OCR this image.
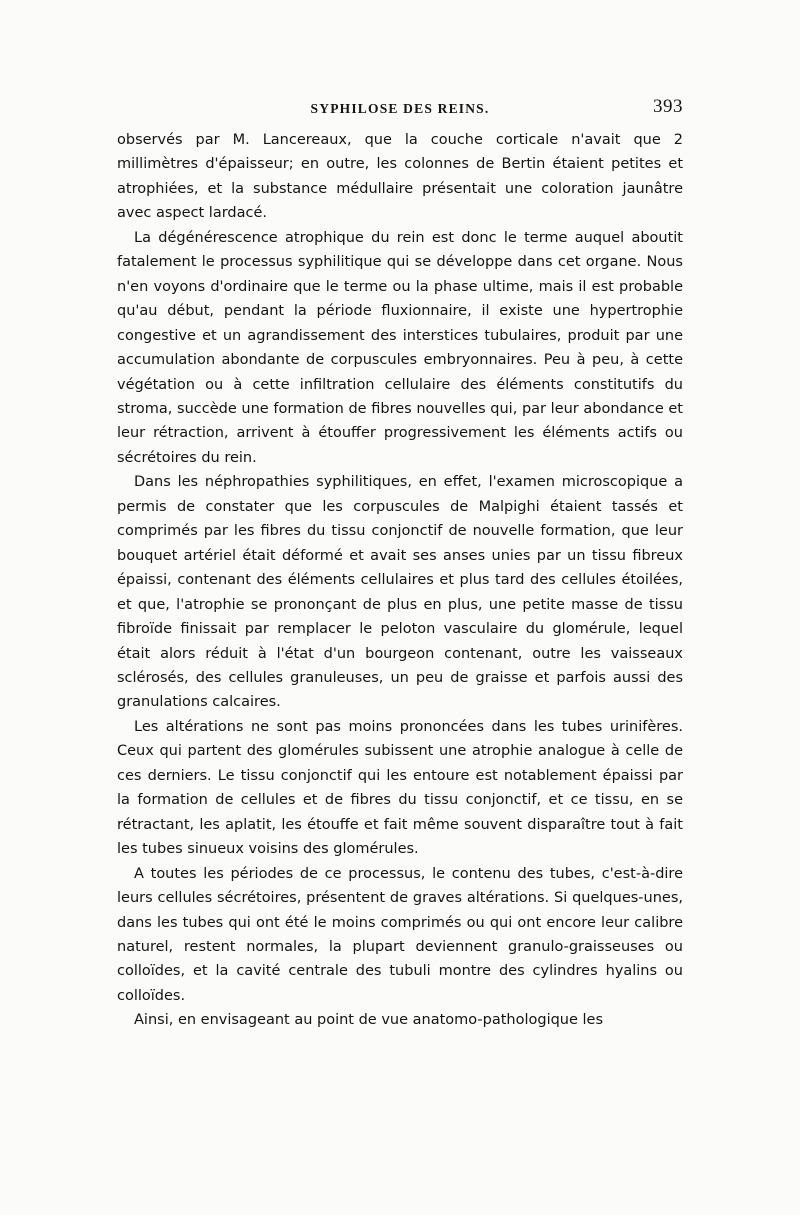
SYPHILOSE DES REINS.	393

observés par M. Lancereaux, que la couche corticale n'avait que 2 millimètres d'épaisseur; en outre, les colonnes de Bertin étaient petites et atrophiées, et la substance médullaire présentait une coloration jaunâtre avec aspect lardacé.

La dégénérescence atrophique du rein est donc le terme auquel aboutit fatalement le processus syphilitique qui se développe dans cet organe. Nous n'en voyons d'ordinaire que le terme ou la phase ultime, mais il est probable qu'au début, pendant la période fluxionnaire, il existe une hypertrophie congestive et un agrandissement des interstices tubulaires, produit par une accumulation abondante de corpuscules embryonnaires. Peu à peu, à cette végétation ou à cette infiltration cellulaire des éléments constitutifs du stroma, succède une formation de fibres nouvelles qui, par leur abondance et leur rétraction, arrivent à étouffer progressivement les éléments actifs ou sécrétoires du rein.

Dans les néphropathies syphilitiques, en effet, l'examen microscopique a permis de constater que les corpuscules de Malpighi étaient tassés et comprimés par les fibres du tissu conjonctif de nouvelle formation, que leur bouquet artériel était déformé et avait ses anses unies par un tissu fibreux épaissi, contenant des éléments cellulaires et plus tard des cellules étoilées, et que, l'atrophie se prononçant de plus en plus, une petite masse de tissu fibroïde finissait par remplacer le peloton vasculaire du glomérule, lequel était alors réduit à l'état d'un bourgeon contenant, outre les vaisseaux sclérosés, des cellules granuleuses, un peu de graisse et parfois aussi des granulations calcaires.

Les altérations ne sont pas moins prononcées dans les tubes urinifères. Ceux qui partent des glomérules subissent une atrophie analogue à celle de ces derniers. Le tissu conjonctif qui les entoure est notablement épaissi par la formation de cellules et de fibres du tissu conjonctif, et ce tissu, en se rétractant, les aplatit, les étouffe et fait même souvent disparaître tout à fait les tubes sinueux voisins des glomérules.

A toutes les périodes de ce processus, le contenu des tubes, c'est-à-dire leurs cellules sécrétoires, présentent de graves altérations. Si quelques-unes, dans les tubes qui ont été le moins comprimés ou qui ont encore leur calibre naturel, restent normales, la plupart deviennent granulo-graisseuses ou colloïdes, et la cavité centrale des tubuli montre des cylindres hyalins ou colloïdes.

Ainsi, en envisageant au point de vue anatomo-pathologique les
